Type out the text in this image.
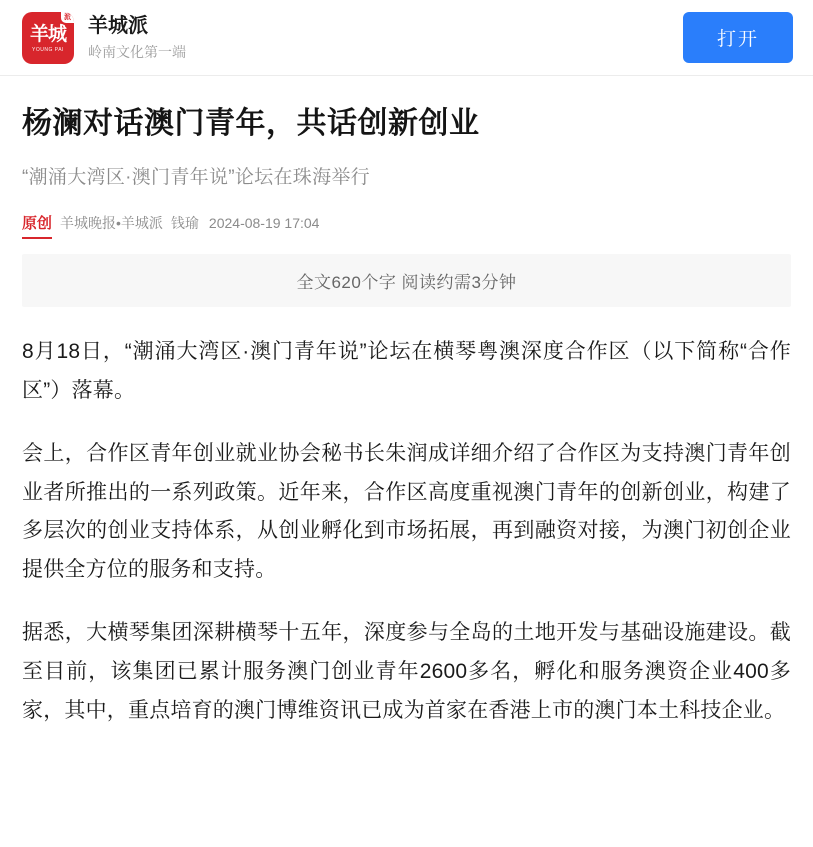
派
羊城
YOUNG PAI
羊城派
岭南文化第一端
打开
杨澜对话澳门青年，共话创新创业
“潮涌大湾区·澳门青年说”论坛在珠海举行
原创 羊城晚报•羊城派 钱瑜 2024-08-19 17:04
全文620个字 阅读约需3分钟

8月18日，“潮涌大湾区·澳门青年说”论坛在横琴粤澳深度合作区（以下简称“合作区”）落幕。

会上，合作区青年创业就业协会秘书长朱润成详细介绍了合作区为支持澳门青年创业者所推出的一系列政策。近年来，合作区高度重视澳门青年的创新创业，构建了多层次的创业支持体系，从创业孵化到市场拓展，再到融资对接，为澳门初创企业提供全方位的服务和支持。

据悉，大横琴集团深耕横琴十五年，深度参与全岛的土地开发与基础设施建设。截至目前，该集团已累计服务澳门创业青年2600多名，孵化和服务澳资企业400多家，其中，重点培育的澳门博维资讯已成为首家在香港上市的澳门本土科技企业。
